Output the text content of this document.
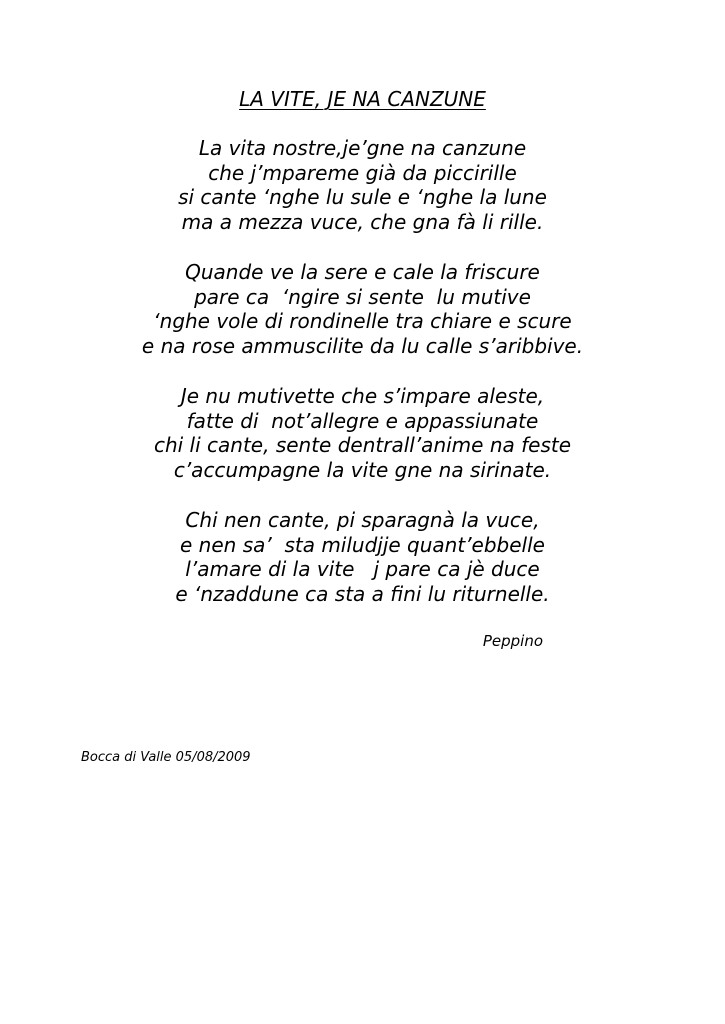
LA VITE, JE NA CANZUNE
La vita nostre,je’gne na canzune
che j’mpareme già da piccirille
si cante ‘nghe lu sule e ‘nghe la lune
ma a mezza vuce, che gna fà li rille.
Quande ve la sere e cale la friscure
pare ca  ‘ngire si sente  lu mutive
‘nghe vole di rondinelle tra chiare e scure
e na rose ammuscilite da lu calle s’aribbive.
Je nu mutivette che s’impare aleste,
fatte di  not’allegre e appassiunate
chi li cante, sente dentrall’anime na feste
c’accumpagne la vite gne na sirinate.
Chi nen cante, pi sparagnà la vuce,
e nen sa’  sta miludjje quant’ebbelle
l’amare di la vite   j pare ca jè duce
e ‘nzaddune ca sta a fini lu riturnelle.
Peppino
Bocca di Valle 05/08/2009
